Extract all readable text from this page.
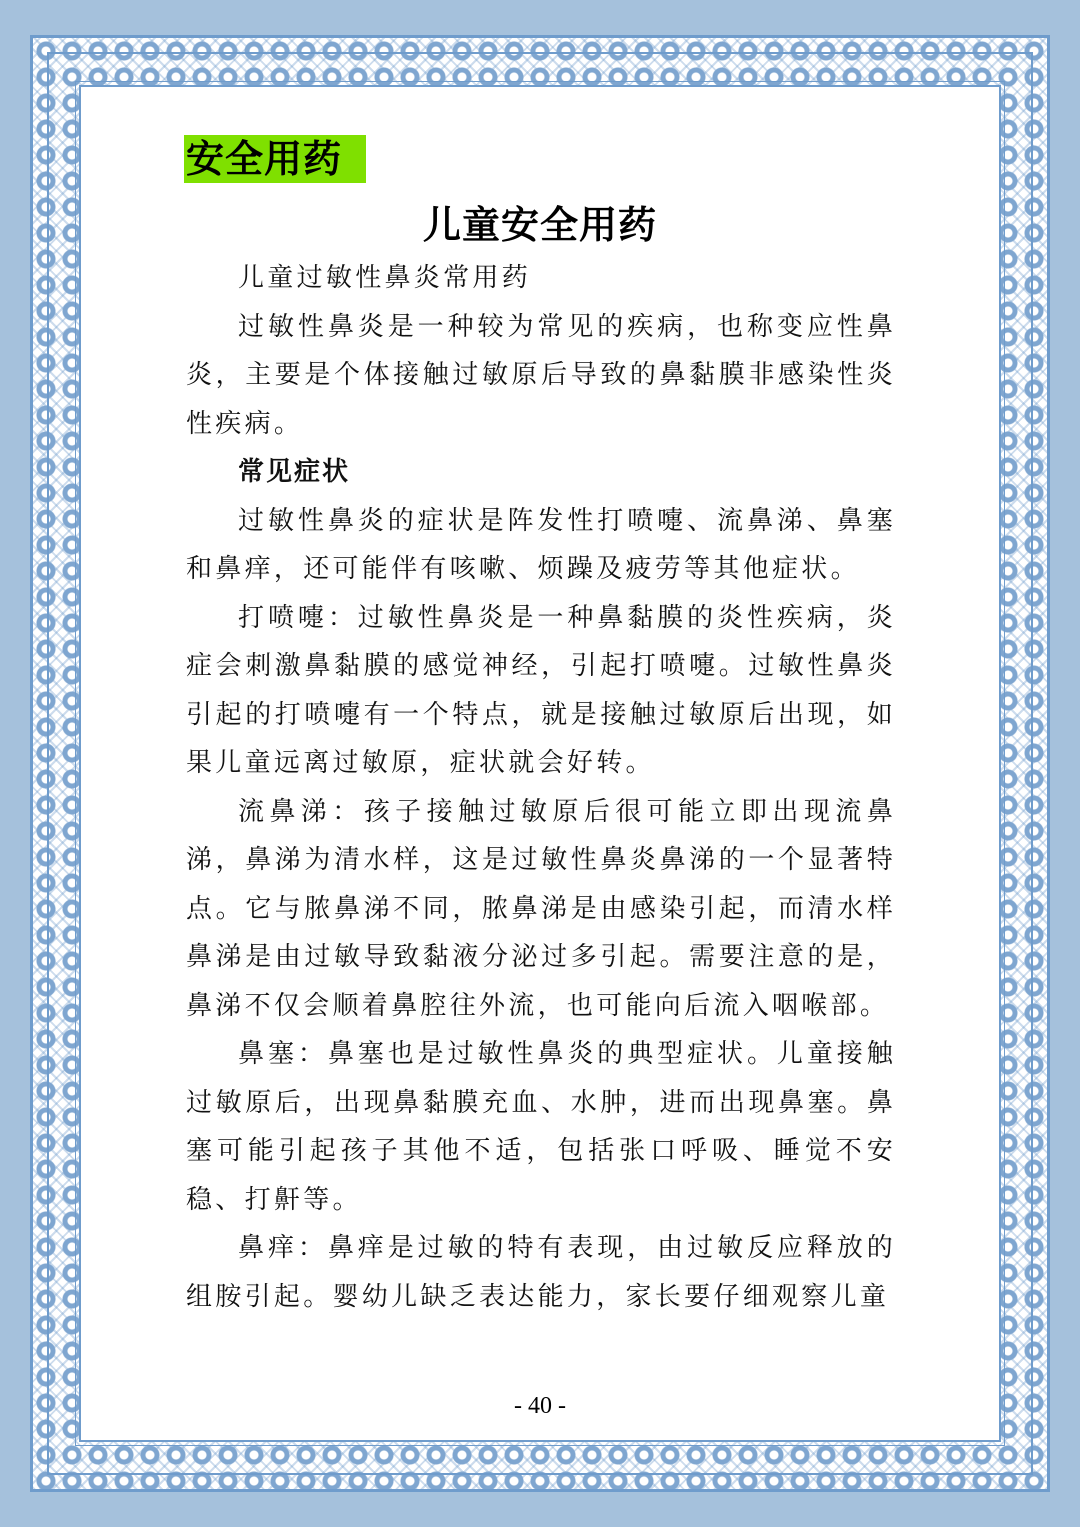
安全用药
儿童安全用药

儿童过敏性鼻炎常用药

过敏性鼻炎是一种较为常见的疾病，也称变应性鼻炎，主要是个体接触过敏原后导致的鼻黏膜非感染性炎性疾病。

常见症状

过敏性鼻炎的症状是阵发性打喷嚏、流鼻涕、鼻塞和鼻痒，还可能伴有咳嗽、烦躁及疲劳等其他症状。

打喷嚏：过敏性鼻炎是一种鼻黏膜的炎性疾病，炎症会刺激鼻黏膜的感觉神经，引起打喷嚏。过敏性鼻炎引起的打喷嚏有一个特点，就是接触过敏原后出现，如果儿童远离过敏原，症状就会好转。

流鼻涕：孩子接触过敏原后很可能立即出现流鼻涕，鼻涕为清水样，这是过敏性鼻炎鼻涕的一个显著特点。它与脓鼻涕不同，脓鼻涕是由感染引起，而清水样鼻涕是由过敏导致黏液分泌过多引起。需要注意的是，鼻涕不仅会顺着鼻腔往外流，也可能向后流入咽喉部。

鼻塞：鼻塞也是过敏性鼻炎的典型症状。儿童接触过敏原后，出现鼻黏膜充血、水肿，进而出现鼻塞。鼻塞可能引起孩子其他不适，包括张口呼吸、睡觉不安稳、打鼾等。

鼻痒：鼻痒是过敏的特有表现，由过敏反应释放的组胺引起。婴幼儿缺乏表达能力，家长要仔细观察儿童

- 40 -
